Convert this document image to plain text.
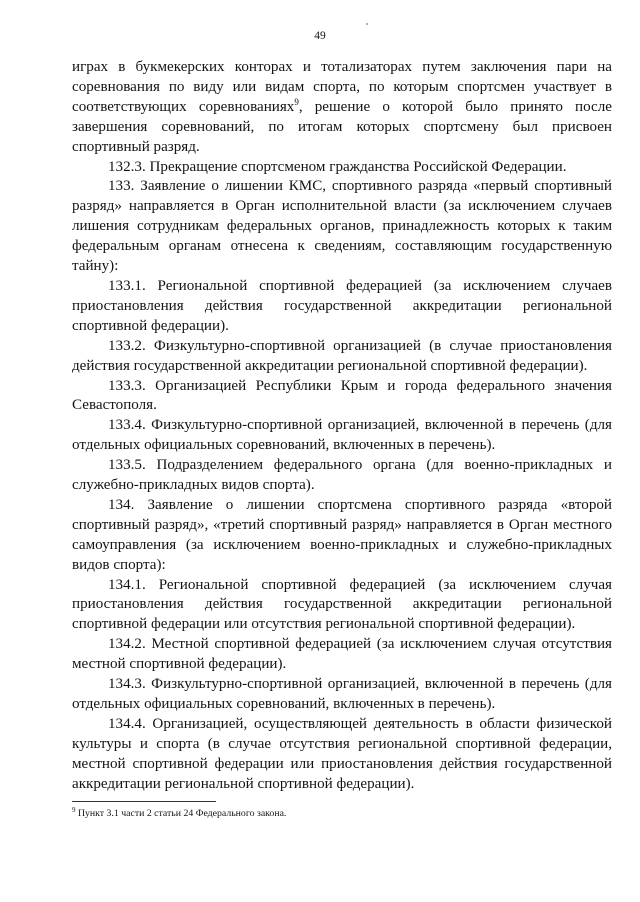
49

играх в букмекерских конторах и тотализаторах путем заключения пари на соревнования по виду или видам спорта, по которым спортсмен участвует в соответствующих соревнованиях$^9$, решение о которой было принято после завершения соревнований, по итогам которых спортсмену был присвоен спортивный разряд.

132.3. Прекращение спортсменом гражданства Российской Федерации.

133. Заявление о лишении КМС, спортивного разряда «первый спортивный разряд» направляется в Орган исполнительной власти (за исключением случаев лишения сотрудникам федеральных органов, принадлежность которых к таким федеральным органам отнесена к сведениям, составляющим государственную тайну):

133.1. Региональной спортивной федерацией (за исключением случаев приостановления действия государственной аккредитации региональной спортивной федерации).

133.2. Физкультурно-спортивной организацией (в случае приостановления действия государственной аккредитации региональной спортивной федерации).

133.3. Организацией Республики Крым и города федерального значения Севастополя.

133.4. Физкультурно-спортивной организацией, включенной в перечень (для отдельных официальных соревнований, включенных в перечень).

133.5. Подразделением федерального органа (для военно-прикладных и служебно-прикладных видов спорта).

134. Заявление о лишении спортсмена спортивного разряда «второй спортивный разряд», «третий спортивный разряд» направляется в Орган местного самоуправления (за исключением военно-прикладных и служебно-прикладных видов спорта):

134.1. Региональной спортивной федерацией (за исключением случая приостановления действия государственной аккредитации региональной спортивной федерации или отсутствия региональной спортивной федерации).

134.2. Местной спортивной федерацией (за исключением случая отсутствия местной спортивной федерации).

134.3. Физкультурно-спортивной организацией, включенной в перечень (для отдельных официальных соревнований, включенных в перечень).

134.4. Организацией, осуществляющей деятельность в области физической культуры и спорта (в случае отсутствия региональной спортивной федерации, местной спортивной федерации или приостановления действия государственной аккредитации региональной спортивной федерации).

$^9$ Пункт 3.1 части 2 статьи 24 Федерального закона.
